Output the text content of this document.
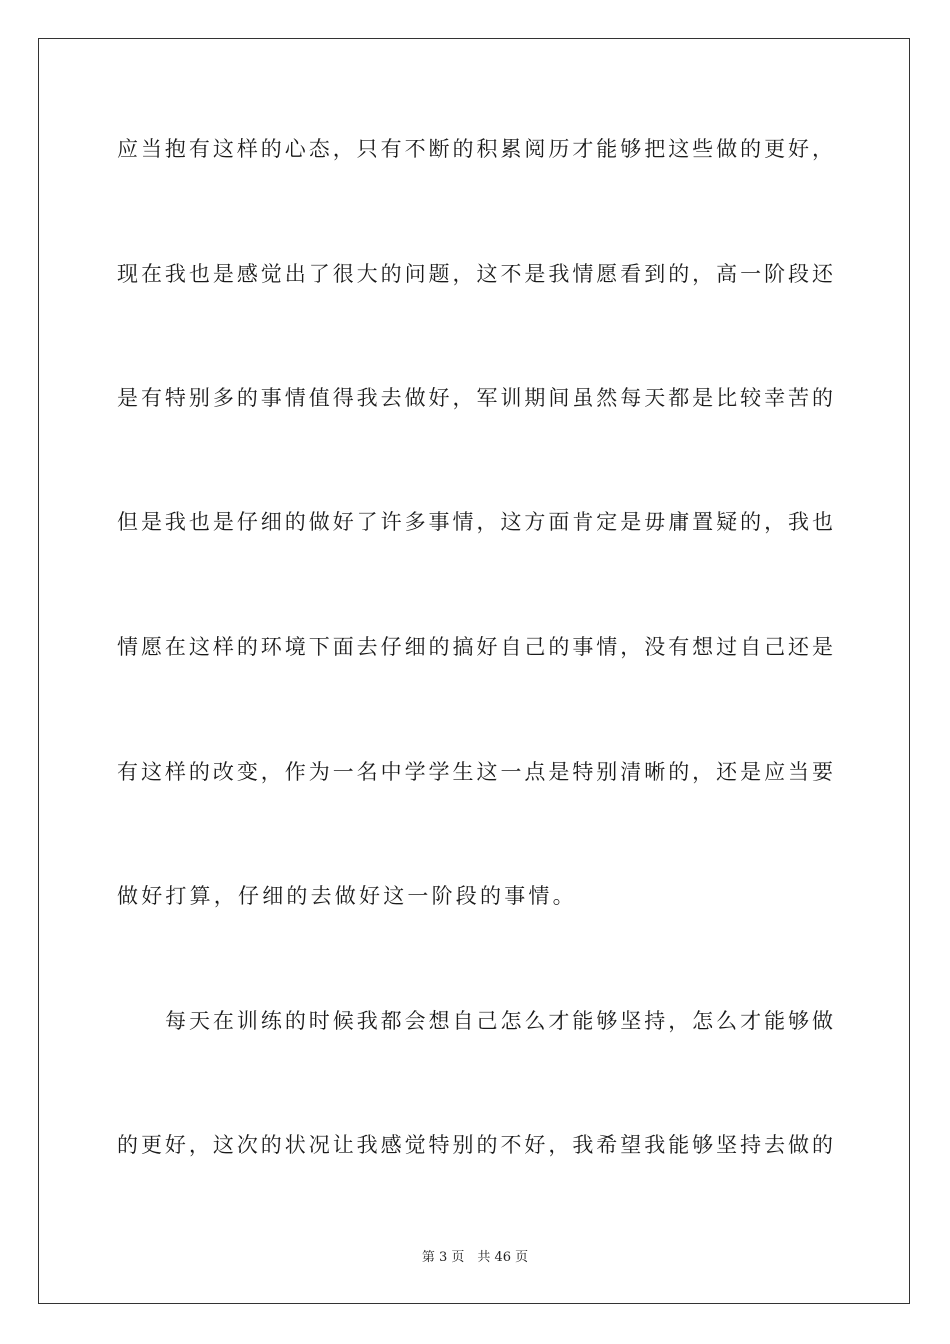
应当抱有这样的心态，只有不断的积累阅历才能够把这些做的更好，
现在我也是感觉出了很大的问题，这不是我情愿看到的，高一阶段还
是有特别多的事情值得我去做好，军训期间虽然每天都是比较幸苦的
但是我也是仔细的做好了许多事情，这方面肯定是毋庸置疑的，我也
情愿在这样的环境下面去仔细的搞好自己的事情，没有想过自己还是
有这样的改变，作为一名中学学生这一点是特别清晰的，还是应当要
做好打算，仔细的去做好这一阶段的事情。
每天在训练的时候我都会想自己怎么才能够坚持，怎么才能够做
的更好，这次的状况让我感觉特别的不好，我希望我能够坚持去做的
第 3 页　共 46 页
